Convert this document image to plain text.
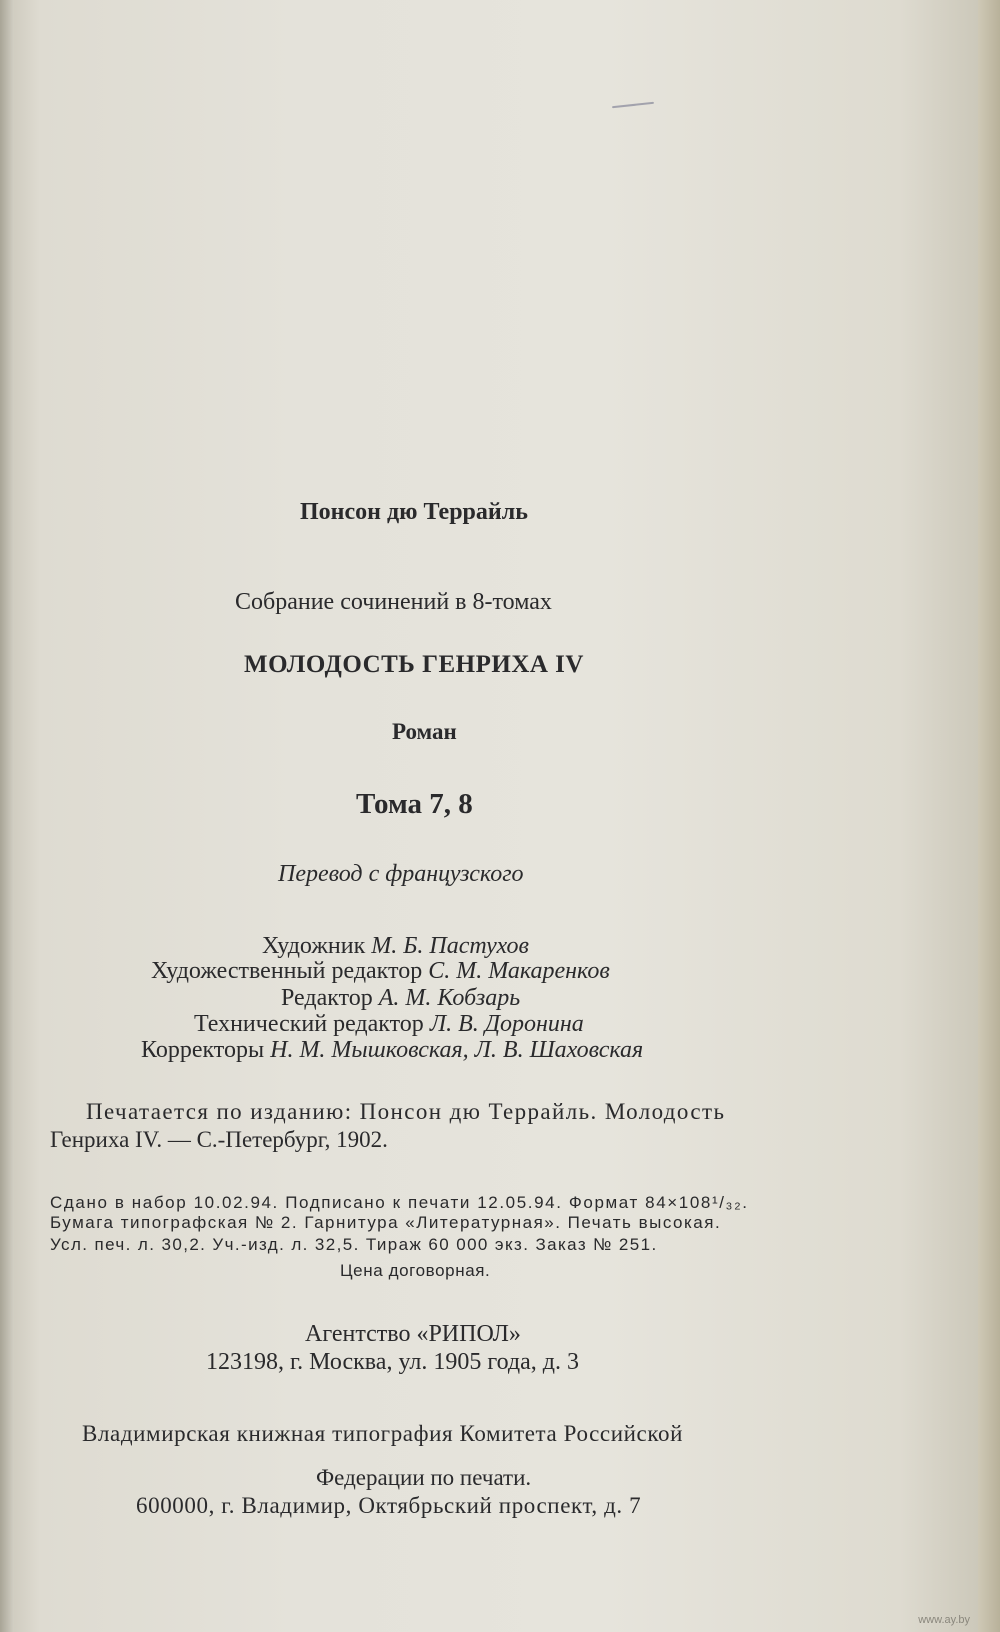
Понсон дю Террайль
Собрание сочинений в 8-томах
МОЛОДОСТЬ ГЕНРИХА IV
Роман
Тома 7, 8
Перевод с французского
Художник М. Б. Пастухов
Художественный редактор С. М. Макаренков
Редактор А. М. Кобзарь
Технический редактор Л. В. Доронина
Корректоры Н. М. Мышковская, Л. В. Шаховская
Печатается по изданию: Понсон дю Террайль. Молодость
Генриха IV. — С.-Петербург, 1902.
Сдано в набор 10.02.94. Подписано к печати 12.05.94. Формат 84×108¹/₃₂.
Бумага типографская № 2. Гарнитура «Литературная». Печать высокая.
Усл. печ. л. 30,2. Уч.-изд. л. 32,5. Тираж 60 000 экз. Заказ № 251.
Цена договорная.
Агентство «РИПОЛ»
123198, г. Москва, ул. 1905 года, д. 3
Владимирская книжная типография Комитета Российской
Федерации по печати.
600000, г. Владимир, Октябрьский проспект, д. 7
www.ay.by
